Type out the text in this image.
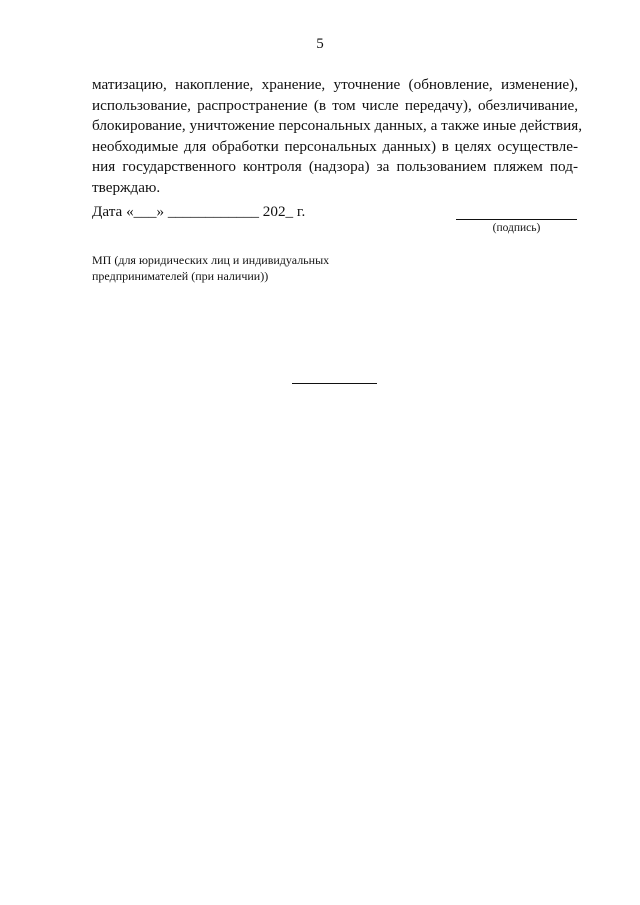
5

матизацию, накопление, хранение, уточнение (обновление, изменение),
использование, распространение (в том числе передачу), обезличивание,
блокирование, уничтожение персональных данных, а также иные действия,
необходимые для обработки персональных данных) в целях осуществле-
ния государственного контроля (надзора) за пользованием пляжем под-
тверждаю.

Дата «___» ____________ 202_ г.
(подпись)
МП (для юридических лиц и индивидуальных
предпринимателей (при наличии))
